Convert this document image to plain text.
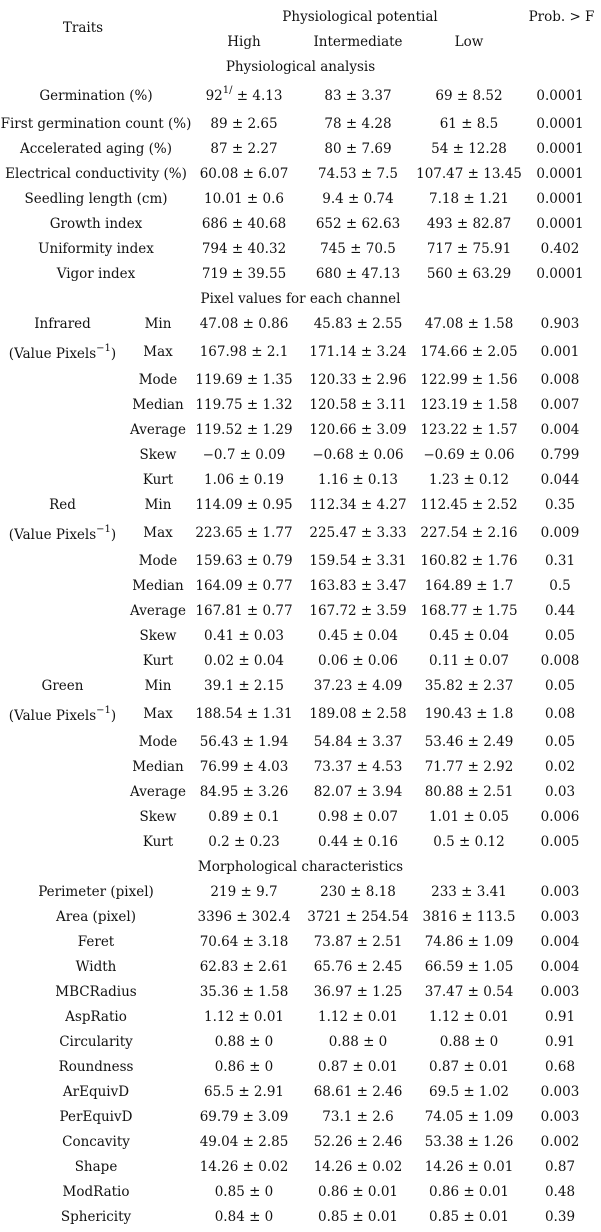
Traits
Physiological potential	Prob. > F
High	Intermediate	Low
Physiological analysis
Germination (%)	$92^{1/} \pm 4.13$	83 ± 3.37	69 ± 8.52	0.0001
First germination count (%)	89 ± 2.65	78 ± 4.28	61 ± 8.5	0.0001
Accelerated aging (%)	87 ± 2.27	80 ± 7.69	54 ± 12.28	0.0001
Electrical conductivity (%) 60.08 ± 6.07	74.53 ± 7.5	107.47 ± 13.45	0.0001
Seedling length (cm)	10.01 ± 0.6	9.4 ± 0.74	7.18 ± 1.21	0.0001
Growth index	686 ± 40.68	652 ± 62.63	493 ± 82.87	0.0001
Uniformity index	794 ± 40.32	745 ± 70.5	717 ± 75.91	0.402
Vigor index	719 ± 39.55	680 ± 47.13	560 ± 63.29	0.0001
Pixel values for each channel
Infrared
(Value Pixels$^{-1}$)
Min	47.08 ± 0.86	45.83 ± 2.55	47.08 ± 1.58	0.903
Max	167.98 ± 2.1	171.14 ± 3.24	174.66 ± 2.05	0.001
Mode	119.69 ± 1.35	120.33 ± 2.96	122.99 ± 1.56	0.008
Median 119.75 ± 1.32	120.58 ± 3.11	123.19 ± 1.58	0.007
Average 119.52 ± 1.29	120.66 ± 3.09	123.22 ± 1.57	0.004
Skew	−0.7 ± 0.09	−0.68 ± 0.06	−0.69 ± 0.06	0.799
Kurt	1.06 ± 0.19	1.16 ± 0.13	1.23 ± 0.12	0.044
Red
(Value Pixels$^{-1}$)
Min	114.09 ± 0.95	112.34 ± 4.27	112.45 ± 2.52	0.35
Max	223.65 ± 1.77	225.47 ± 3.33	227.54 ± 2.16	0.009
Mode	159.63 ± 0.79	159.54 ± 3.31	160.82 ± 1.76	0.31
Median 164.09 ± 0.77	163.83 ± 3.47	164.89 ± 1.7	0.5
Average 167.81 ± 0.77	167.72 ± 3.59	168.77 ± 1.75	0.44
Skew	0.41 ± 0.03	0.45 ± 0.04	0.45 ± 0.04	0.05
Kurt	0.02 ± 0.04	0.06 ± 0.06	0.11 ± 0.07	0.008
Green
(Value Pixels$^{-1}$)
Min	39.1 ± 2.15	37.23 ± 4.09	35.82 ± 2.37	0.05
Max	188.54 ± 1.31	189.08 ± 2.58	190.43 ± 1.8	0.08
Mode	56.43 ± 1.94	54.84 ± 3.37	53.46 ± 2.49	0.05
Median	76.99 ± 4.03	73.37 ± 4.53	71.77 ± 2.92	0.02
Average	84.95 ± 3.26	82.07 ± 3.94	80.88 ± 2.51	0.03
Skew	0.89 ± 0.1	0.98 ± 0.07	1.01 ± 0.05	0.006
Kurt	0.2 ± 0.23	0.44 ± 0.16	0.5 ± 0.12	0.005
Morphological characteristics
Perimeter (pixel)	219 ± 9.7	230 ± 8.18	233 ± 3.41	0.003
Area (pixel)	3396 ± 302.4	3721 ± 254.54	3816 ± 113.5	0.003
Feret	70.64 ± 3.18	73.87 ± 2.51	74.86 ± 1.09	0.004
Width	62.83 ± 2.61	65.76 ± 2.45	66.59 ± 1.05	0.004
MBCRadius	35.36 ± 1.58	36.97 ± 1.25	37.47 ± 0.54	0.003
AspRatio	1.12 ± 0.01	1.12 ± 0.01	1.12 ± 0.01	0.91
Circularity	0.88 ± 0	0.88 ± 0	0.88 ± 0	0.91
Roundness	0.86 ± 0	0.87 ± 0.01	0.87 ± 0.01	0.68
ArEquivD	65.5 ± 2.91	68.61 ± 2.46	69.5 ± 1.02	0.003
PerEquivD	69.79 ± 3.09	73.1 ± 2.6	74.05 ± 1.09	0.003
Concavity	49.04 ± 2.85	52.26 ± 2.46	53.38 ± 1.26	0.002
Shape	14.26 ± 0.02	14.26 ± 0.02	14.26 ± 0.01	0.87
ModRatio	0.85 ± 0	0.86 ± 0.01	0.86 ± 0.01	0.48
Sphericity	0.84 ± 0	0.85 ± 0.01	0.85 ± 0.01	0.39
